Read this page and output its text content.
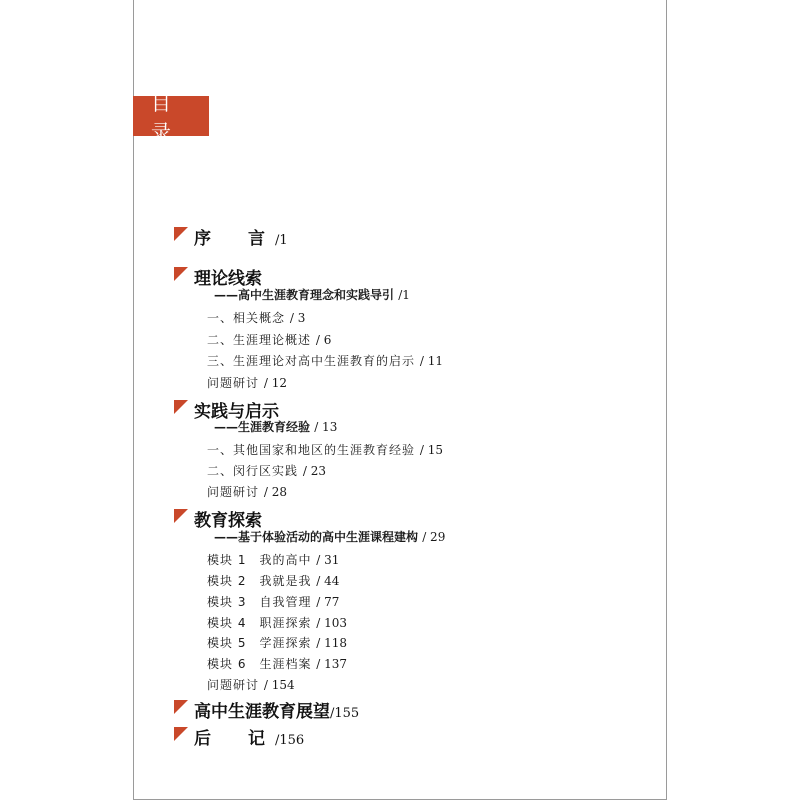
目录
序　言/1
理论线索
——高中生涯教育理念和实践导引 /1
一、相关概念 / 3
二、生涯理论概述 / 6
三、生涯理论对高中生涯教育的启示 / 11
问题研讨 / 12
实践与启示
——生涯教育经验 / 13
一、其他国家和地区的生涯教育经验 / 15
二、闵行区实践 / 23
问题研讨 / 28
教育探索
——基于体验活动的高中生涯课程建构 / 29
模块 1　我的高中 / 31
模块 2　我就是我 / 44
模块 3　自我管理 / 77
模块 4　职涯探索 / 103
模块 5　学涯探索 / 118
模块 6　生涯档案 / 137
问题研讨 / 154
高中生涯教育展望/155
后　记/156
